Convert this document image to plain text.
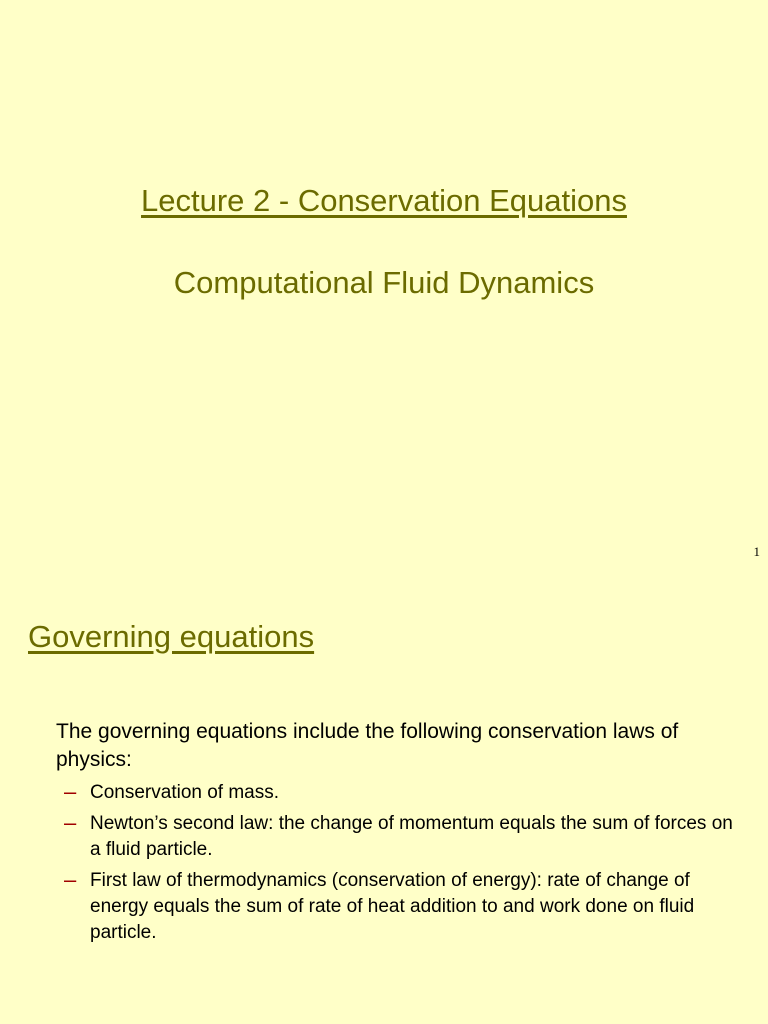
Lecture 2 - Conservation Equations
Computational Fluid Dynamics
1
Governing equations

The governing equations include the following conservation laws of physics:

– Conservation of mass.
– Newton’s second law: the change of momentum equals the sum of forces on a fluid particle.
– First law of thermodynamics (conservation of energy): rate of change of energy equals the sum of rate of heat addition to and work done on fluid particle.
